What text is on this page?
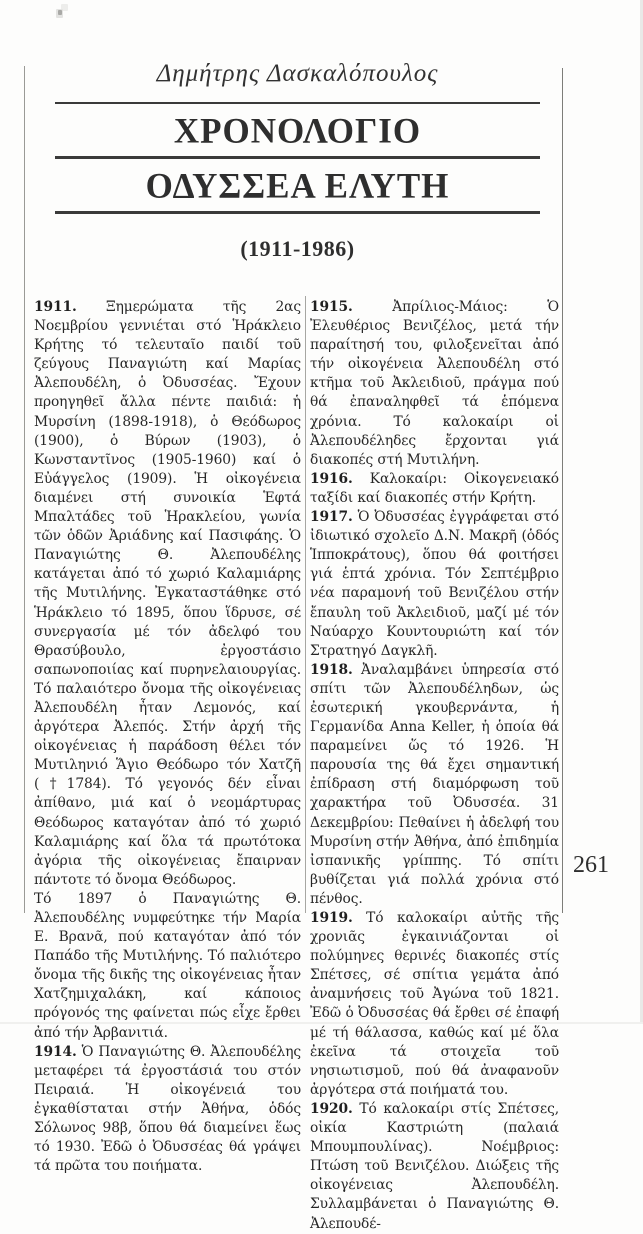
Δημήτρης Δασκαλόπουλος

ΧΡΟΝΟΛΟΓΙΟ
ΟΔΥΣΣΕΑ ΕΛΥΤΗ

(1911-1986)

1911. Ξημερώματα τῆς 2ας Νοεμβρίου γεννιέται στό Ἡράκλειο Κρήτης τό τελευταῖο παιδί τοῦ ζεύγους Παναγιώτη καί Μαρίας Ἀλεπουδέλη, ὁ Ὀδυσσέας. Ἔχουν προηγηθεῖ ἄλλα πέντε παιδιά: ἡ Μυρσίνη (1898-1918), ὁ Θεόδωρος (1900), ὁ Βύρων (1903), ὁ Κωνσταντῖνος (1905-1960) καί ὁ Εὐάγγελος (1909). Ἡ οἰκογένεια διαμένει στή συνοικία Ἑφτά Μπαλτάδες τοῦ Ἡρακλείου, γωνία τῶν ὁδῶν Ἀριάδνης καί Πασιφάης. Ὁ Παναγιώτης Θ. Ἀλεπουδέλης κατάγεται ἀπό τό χωριό Καλαμιάρης τῆς Μυτιλήνης. Ἐγκαταστάθηκε στό Ἡράκλειο τό 1895, ὅπου ἵδρυσε, σέ συνεργασία μέ τόν ἀδελφό του Θρασύβουλο, ἐργοστάσιο σαπωνοποιίας καί πυρηνελαιουργίας. Τό παλαιότερο ὄνομα τῆς οἰκογένειας Ἀλεπουδέλη ἦταν Λεμονός, καί ἀργότερα Ἀλεπός. Στήν ἀρχή τῆς οἰκογένειας ἡ παράδοση θέλει τόν Μυτιληνιό Ἅγιο Θεόδωρο τόν Χατζῆ (†1784). Τό γεγονός δέν εἶναι ἀπίθανο, μιά καί ὁ νεομάρτυρας Θεόδωρος καταγόταν ἀπό τό χωριό Καλαμιάρης καί ὅλα τά πρωτότοκα ἀγόρια τῆς οἰκογένειας ἔπαιρναν πάντοτε τό ὄνομα Θεόδωρος.

Τό 1897 ὁ Παναγιώτης Θ. Ἀλεπουδέλης νυμφεύτηκε τήν Μαρία Ε. Βρανᾶ, πού καταγόταν ἀπό τόν Παπάδο τῆς Μυτιλήνης. Τό παλιότερο ὄνομα τῆς δικῆς της οἰκογένειας ἦταν Χατζημιχαλάκη, καί κάποιος πρόγονός της φαίνεται πώς εἶχε ἔρθει ἀπό τήν Ἀρβανιτιά.

1914. Ὁ Παναγιώτης Θ. Ἀλεπουδέλης μεταφέρει τά ἐργοστάσιά του στόν Πειραιά. Ἡ οἰκογένειά του ἐγκαθίσταται στήν Ἀθήνα, ὁδός Σόλωνος 98β, ὅπου θά διαμείνει ἕως τό 1930. Ἐδῶ ὁ Ὀδυσσέας θά γράψει τά πρῶτα του ποιήματα.

1915. Ἀπρίλιος-Μάιος: Ὁ Ἐλευθέριος Βενιζέλος, μετά τήν παραίτησή του, φιλοξενεῖται ἀπό τήν οἰκογένεια Ἀλεπουδέλη στό κτῆμα τοῦ Ἀκλειδιοῦ, πράγμα πού θά ἐπαναληφθεῖ τά ἑπόμενα χρόνια. Τό καλοκαίρι οἱ Ἀλεπουδέληδες ἔρχονται γιά διακοπές στή Μυτιλήνη.

1916. Καλοκαίρι: Οἰκογενειακό ταξίδι καί διακοπές στήν Κρήτη.

1917. Ὁ Ὀδυσσέας ἐγγράφεται στό ἰδιωτικό σχολεῖο Δ.Ν. Μακρῆ (ὁδός Ἱπποκράτους), ὅπου θά φοιτήσει γιά ἑπτά χρόνια. Τόν Σεπτέμβριο νέα παραμονή τοῦ Βενιζέλου στήν ἔπαυλη τοῦ Ἀκλειδιοῦ, μαζί μέ τόν Ναύαρχο Κουντουριώτη καί τόν Στρατηγό Δαγκλῆ.

1918. Ἀναλαμβάνει ὑπηρεσία στό σπίτι τῶν Ἀλεπουδέληδων, ὡς ἐσωτερική γκουβερνάντα, ἡ Γερμανίδα Anna Keller, ἡ ὁποία θά παραμείνει ὥς τό 1926. Ἡ παρουσία της θά ἔχει σημαντική ἐπίδραση στή διαμόρφωση τοῦ χαρακτήρα τοῦ Ὀδυσσέα. 31 Δεκεμβρίου: Πεθαίνει ἡ ἀδελφή του Μυρσίνη στήν Ἀθήνα, ἀπό ἐπιδημία ἰσπανικῆς γρίππης. Τό σπίτι βυθίζεται γιά πολλά χρόνια στό πένθος.

1919. Τό καλοκαίρι αὐτῆς τῆς χρονιᾶς ἐγκαινιάζονται οἱ πολύμηνες θερινές διακοπές στίς Σπέτσες, σέ σπίτια γεμάτα ἀπό ἀναμνήσεις τοῦ Ἀγώνα τοῦ 1821. Ἐδῶ ὁ Ὀδυσσέας θά ἔρθει σέ ἐπαφή μέ τή θάλασσα, καθώς καί μέ ὅλα ἐκεῖνα τά στοιχεῖα τοῦ νησιωτισμοῦ, πού θά ἀναφανοῦν ἀργότερα στά ποιήματά του.

1920. Τό καλοκαίρι στίς Σπέτσες, οἰκία Καστριώτη (παλαιά Μπουμπουλίνας). Νοέμβριος: Πτώση τοῦ Βενιζέλου. Διώξεις τῆς οἰκογένειας Ἀλεπουδέλη. Συλλαμβάνεται ὁ Παναγιώτης Θ. Ἀλεπουδέ-

261
